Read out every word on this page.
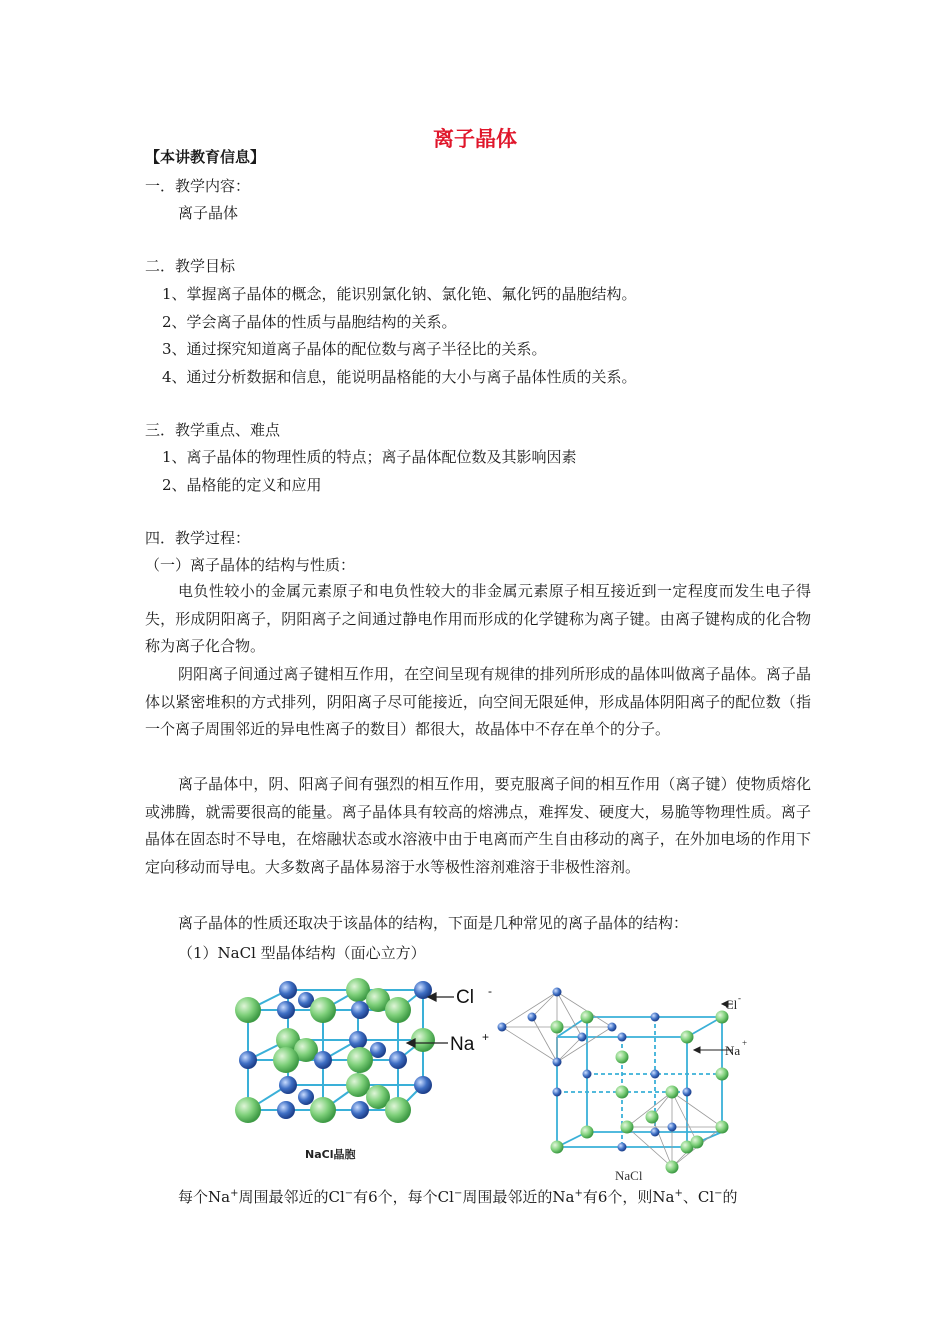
离子晶体
【本讲教育信息】
一．教学内容：
离子晶体
二．教学目标
1、掌握离子晶体的概念，能识别氯化钠、氯化铯、氟化钙的晶胞结构。
2、学会离子晶体的性质与晶胞结构的关系。
3、通过探究知道离子晶体的配位数与离子半径比的关系。
4、通过分析数据和信息，能说明晶格能的大小与离子晶体性质的关系。
三．教学重点、难点
1、离子晶体的物理性质的特点；离子晶体配位数及其影响因素
2、晶格能的定义和应用
四．教学过程：
（一）离子晶体的结构与性质：
电负性较小的金属元素原子和电负性较大的非金属元素原子相互接近到一定程度而发生电子得失，形成阴阳离子，阴阳离子之间通过静电作用而形成的化学键称为离子键。由离子键构成的化合物称为离子化合物。
阴阳离子间通过离子键相互作用，在空间呈现有规律的排列所形成的晶体叫做离子晶体。离子晶体以紧密堆积的方式排列，阴阳离子尽可能接近，向空间无限延伸，形成晶体阴阳离子的配位数（指一个离子周围邻近的异电性离子的数目）都很大，故晶体中不存在单个的分子。
离子晶体中，阴、阳离子间有强烈的相互作用，要克服离子间的相互作用（离子键）使物质熔化或沸腾，就需要很高的能量。离子晶体具有较高的熔沸点，难挥发、硬度大，易脆等物理性质。离子晶体在固态时不导电，在熔融状态或水溶液中由于电离而产生自由移动的离子，在外加电场的作用下定向移动而导电。大多数离子晶体易溶于水等极性溶剂难溶于非极性溶剂。
离子晶体的性质还取决于该晶体的结构，下面是几种常见的离子晶体的结构：
（1）NaCl 型晶体结构（面心立方）
Cl -
Na +
NaCl晶胞
Cl -
Na +
NaCl
每个Na+周围最邻近的Cl−有6个，每个Cl−周围最邻近的Na+有6个，则Na+、Cl−的
